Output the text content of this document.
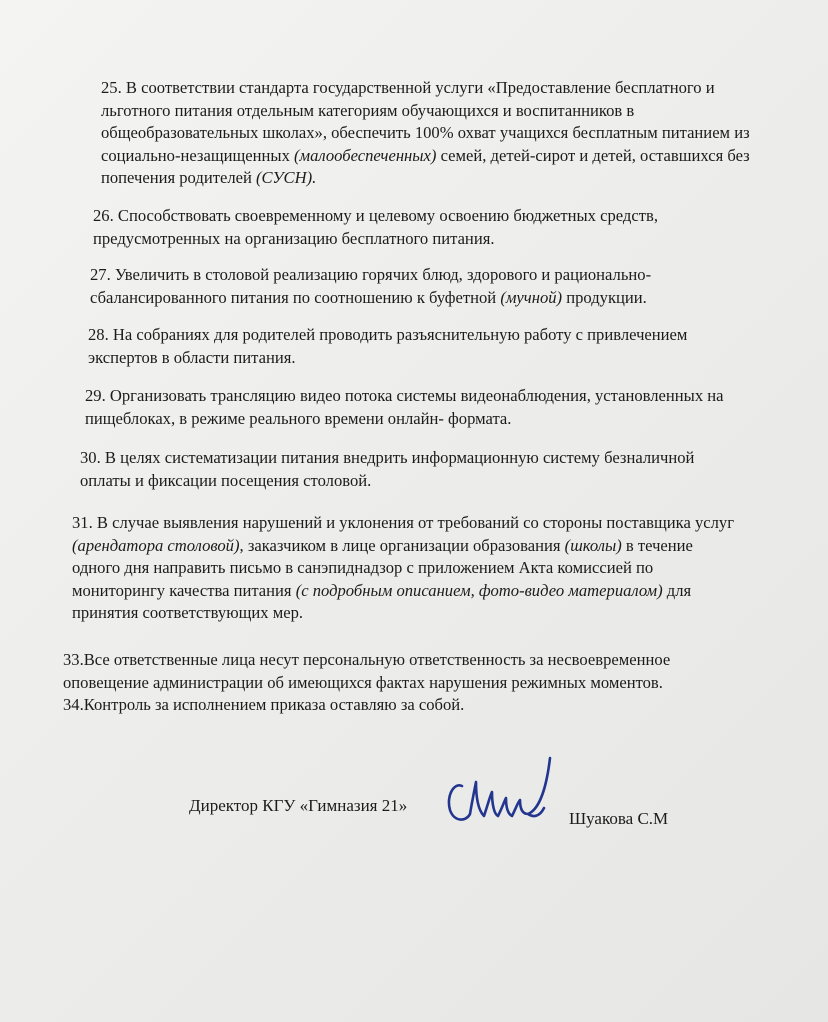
25. В соответствии стандарта государственной услуги «Предоставление бесплатного и
льготного питания отдельным категориям обучающихся и воспитанников в
общеобразовательных школах», обеспечить 100% охват учащихся бесплатным питанием из
социально-незащищенных (малообеспеченных) семей, детей-сирот и детей, оставшихся без
попечения родителей (СУСН).
26. Способствовать своевременному и целевому освоению бюджетных средств,
предусмотренных на организацию бесплатного питания.
27. Увеличить в столовой реализацию горячих блюд, здорового и рационально-
сбалансированного питания по соотношению к буфетной (мучной) продукции.
28. На собраниях для родителей проводить разъяснительную работу с привлечением
экспертов в области питания.
29. Организовать трансляцию видео потока системы видеонаблюдения, установленных на
пищеблоках, в режиме реального времени онлайн- формата.
30. В целях систематизации питания внедрить информационную систему безналичной
оплаты и фиксации посещения столовой.
31. В случае выявления нарушений и уклонения от требований со стороны поставщика услуг
(арендатора столовой), заказчиком в лице организации образования (школы) в течение
одного дня направить письмо в санэпиднадзор с приложением Акта комиссией по
мониторингу качества питания (с подробным описанием, фото-видео материалом) для
принятия соответствующих мер.
33.Все ответственные лица несут персональную ответственность за несвоевременное
оповещение администрации об имеющихся фактах нарушения режимных моментов.
34.Контроль за исполнением приказа оставляю за собой.
Директор КГУ «Гимназия 21»
Шуакова С.М
